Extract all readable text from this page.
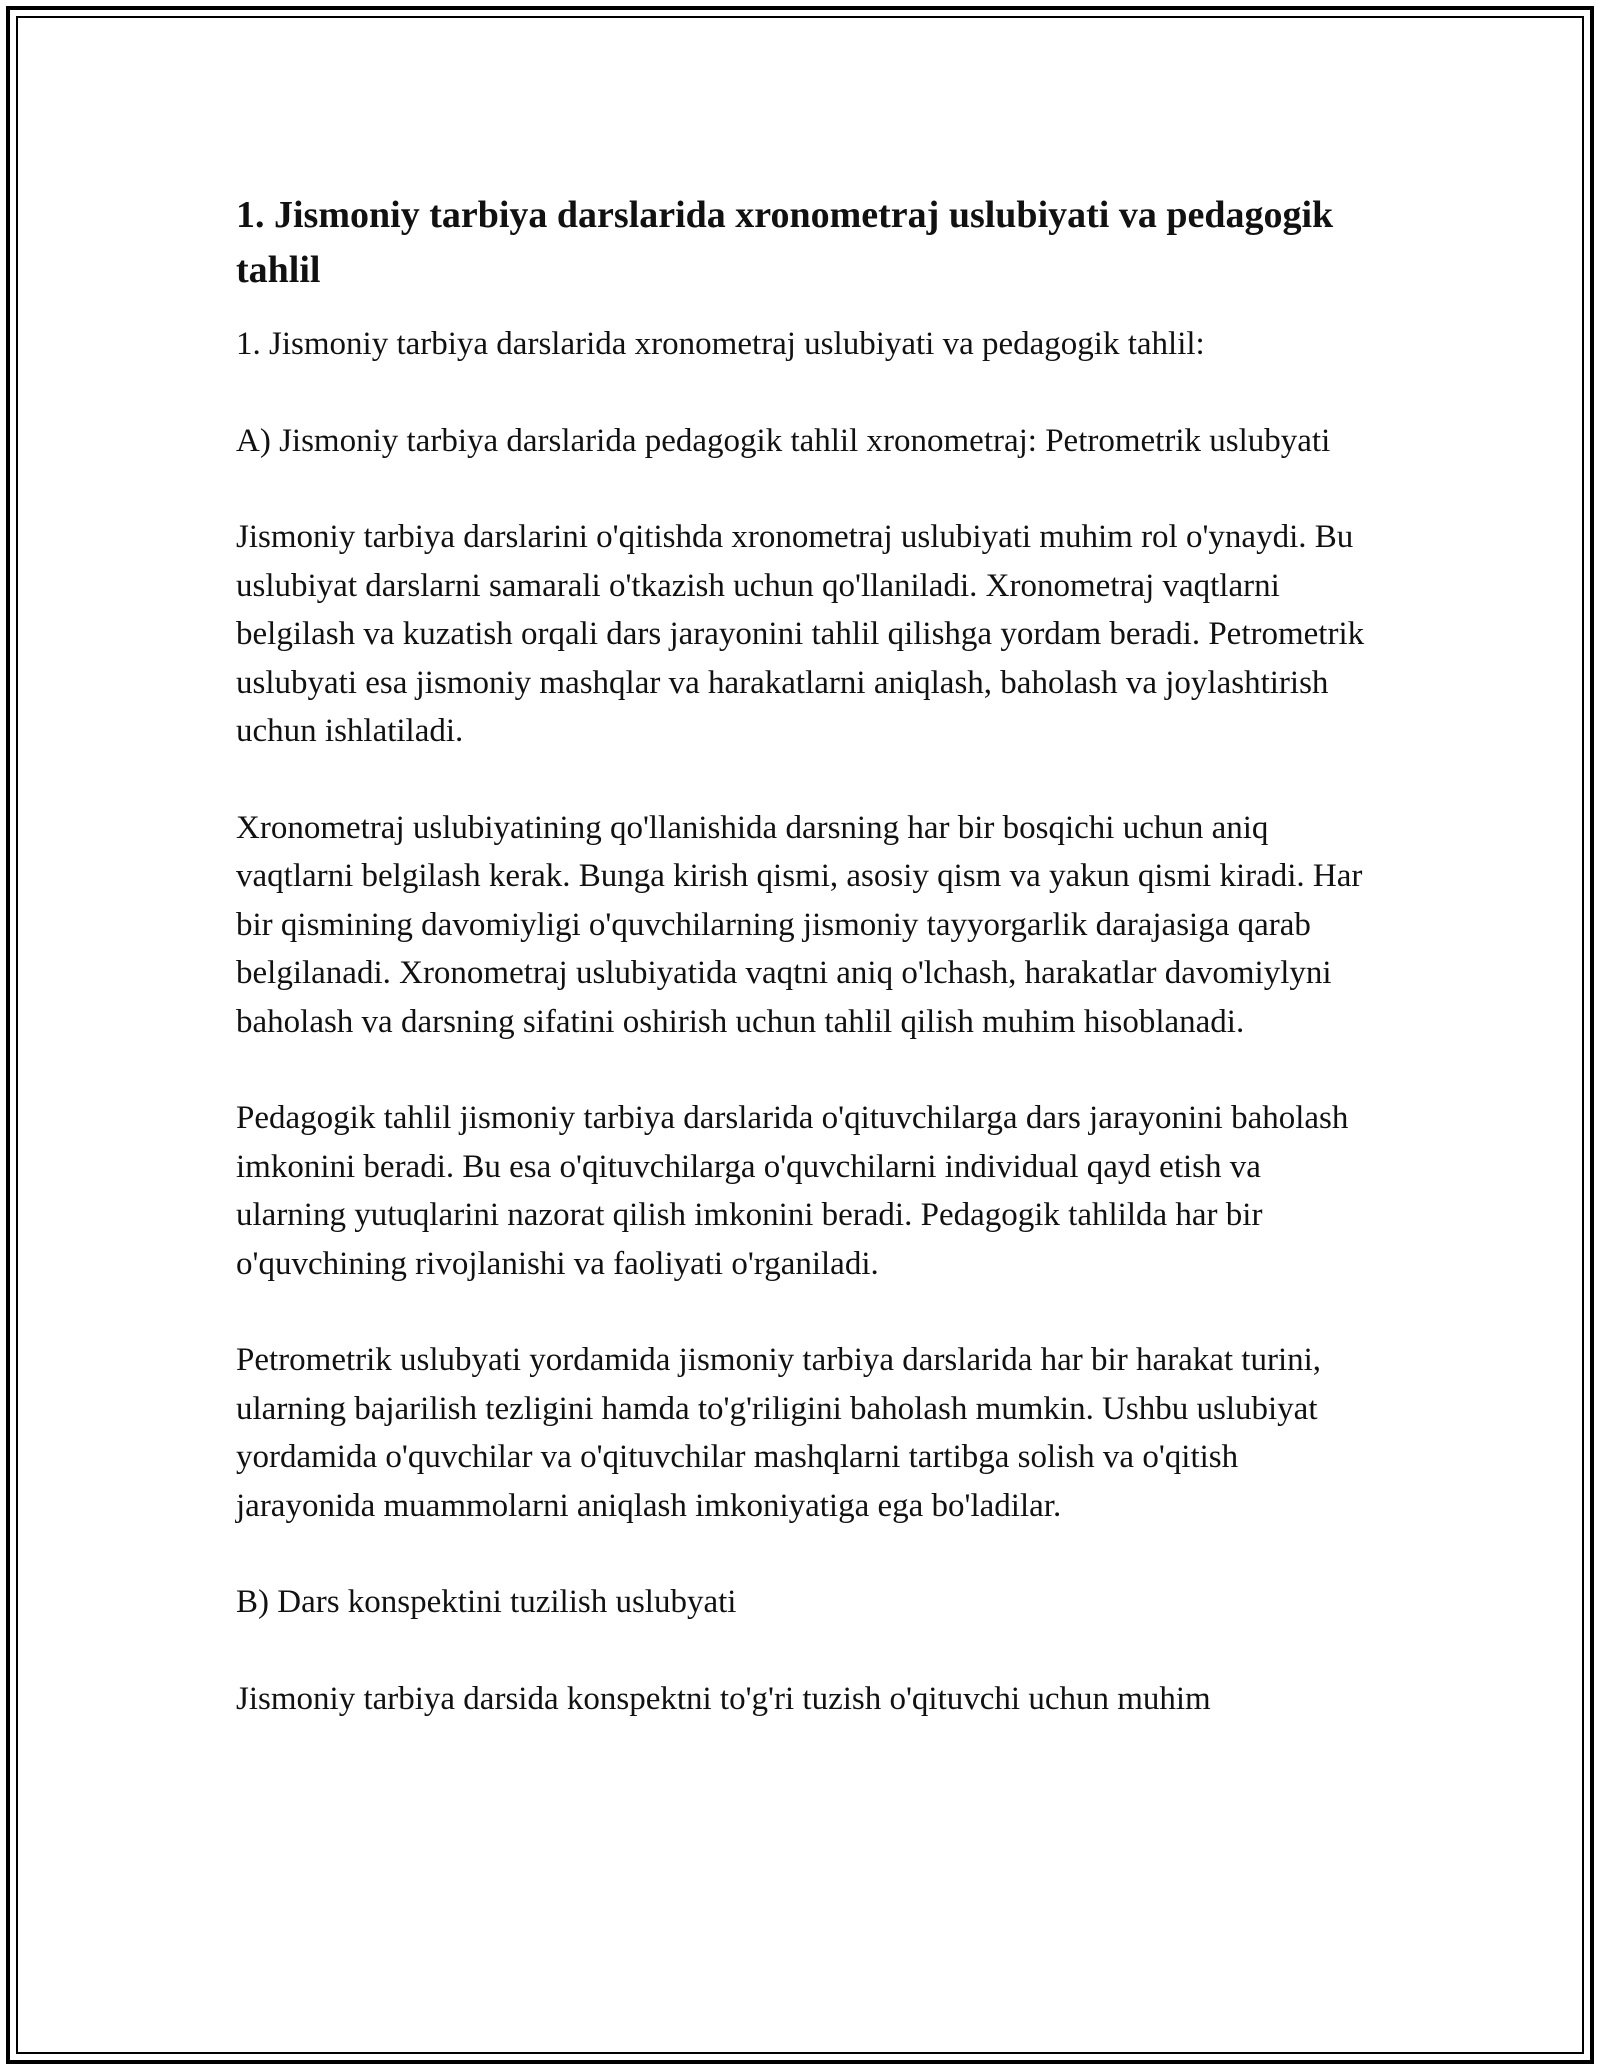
1. Jismoniy tarbiya darslarida xronometraj uslubiyati va pedagogik tahlil

1. Jismoniy tarbiya darslarida xronometraj uslubiyati va pedagogik tahlil:

A) Jismoniy tarbiya darslarida pedagogik tahlil xronometraj: Petrometrik uslubyati

Jismoniy tarbiya darslarini o'qitishda xronometraj uslubiyati muhim rol o'ynaydi. Bu uslubiyat darslarni samarali o'tkazish uchun qo'llaniladi. Xronometraj vaqtlarni belgilash va kuzatish orqali dars jarayonini tahlil qilishga yordam beradi. Petrometrik uslubyati esa jismoniy mashqlar va harakatlarni aniqlash, baholash va joylashtirish uchun ishlatiladi.

Xronometraj uslubiyatining qo'llanishida darsning har bir bosqichi uchun aniq vaqtlarni belgilash kerak. Bunga kirish qismi, asosiy qism va yakun qismi kiradi. Har bir qismining davomiyligi o'quvchilarning jismoniy tayyorgarlik darajasiga qarab belgilanadi. Xronometraj uslubiyatida vaqtni aniq o'lchash, harakatlar davomiylyni baholash va darsning sifatini oshirish uchun tahlil qilish muhim hisoblanadi.

Pedagogik tahlil jismoniy tarbiya darslarida o'qituvchilarga dars jarayonini baholash imkonini beradi. Bu esa o'qituvchilarga o'quvchilarni individual qayd etish va ularning yutuqlarini nazorat qilish imkonini beradi. Pedagogik tahlilda har bir o'quvchining rivojlanishi va faoliyati o'rganiladi.

Petrometrik uslubyati yordamida jismoniy tarbiya darslarida har bir harakat turini, ularning bajarilish tezligini hamda to'g'riligini baholash mumkin. Ushbu uslubiyat yordamida o'quvchilar va o'qituvchilar mashqlarni tartibga solish va o'qitish jarayonida muammolarni aniqlash imkoniyatiga ega bo'ladilar.

B) Dars konspektini tuzilish uslubyati

Jismoniy tarbiya darsida konspektni to'g'ri tuzish o'qituvchi uchun muhim
